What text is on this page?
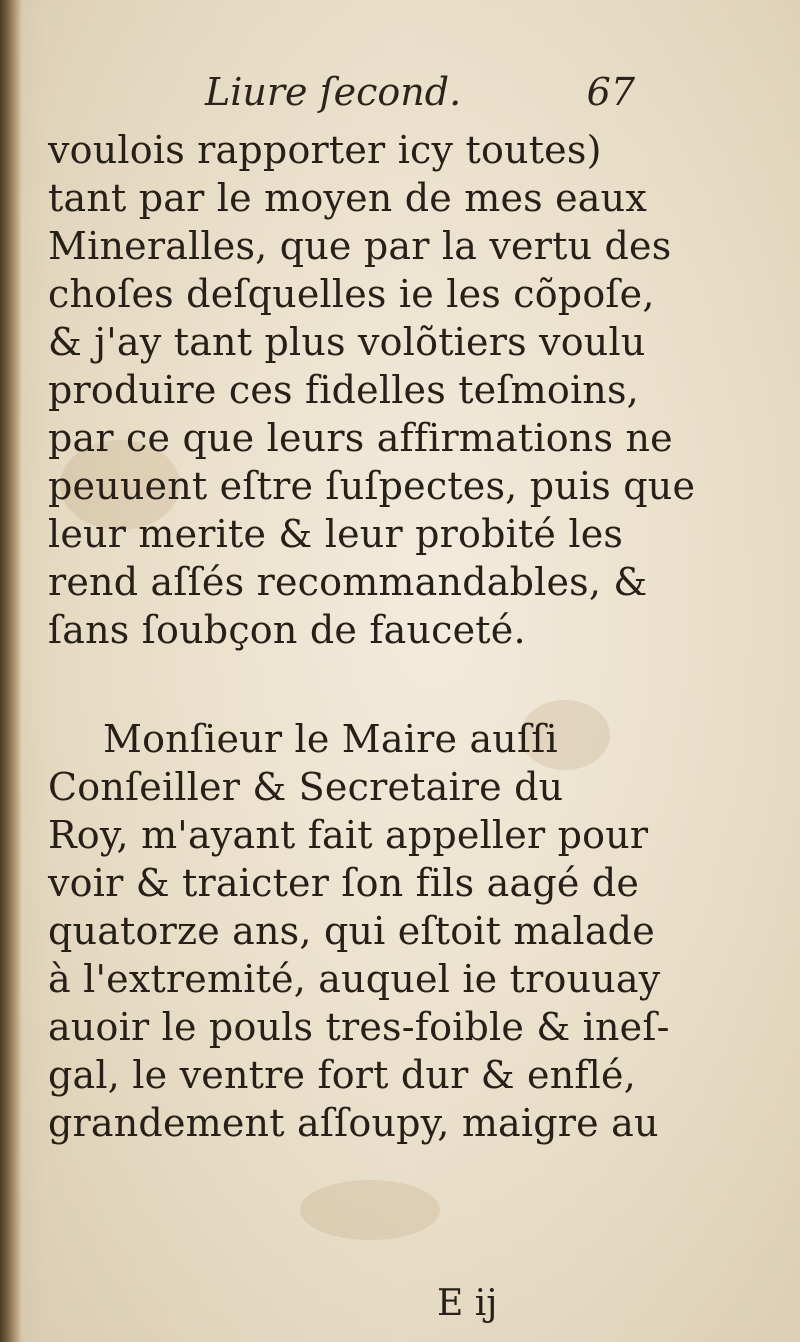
Liure ſecond.	67
voulois rapporter icy toutes)
tant par le moyen de mes eaux
Mineralles, que par la vertu des
choſes deſquelles ie les cõpoſe,
& j'ay tant plus volõtiers voulu
produire ces fidelles teſmoins,
par ce que leurs affirmations ne
peuuent eſtre ſuſpectes, puis que
leur merite & leur probité les
rend aſſés recommandables, &
ſans ſoubçon de fauceté.
Monſieur le Maire auſſi
Conſeiller & Secretaire du
Roy, m'ayant fait appeller pour
voir & traicter ſon fils aagé de
quatorze ans, qui eſtoit malade
à l'extremité, auquel ie trouuay
auoir le pouls tres-foible & ineſ-
gal, le ventre fort dur & enflé,
grandement aſſoupy, maigre au
E ij
